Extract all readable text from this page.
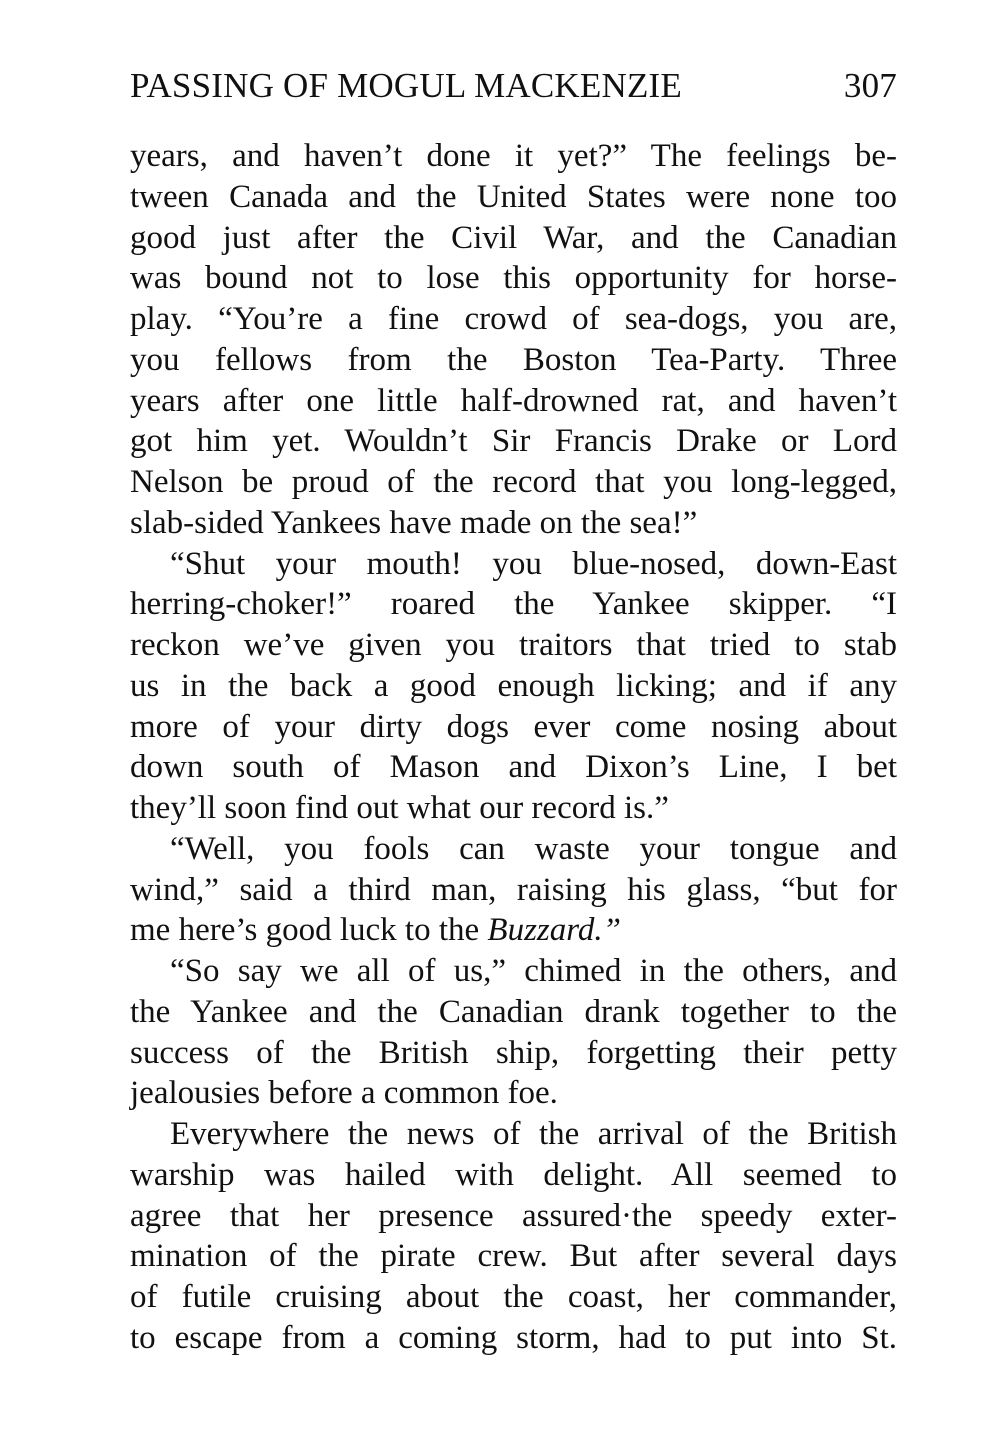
PASSING OF MOGUL MACKENZIE	307
years, and haven’t done it yet?” The feelings be-
tween Canada and the United States were none too
good just after the Civil War, and the Canadian
was bound not to lose this opportunity for horse-
play. “You’re a fine crowd of sea-dogs, you are,
you fellows from the Boston Tea-Party. Three
years after one little half-drowned rat, and haven’t
got him yet. Wouldn’t Sir Francis Drake or Lord
Nelson be proud of the record that you long-legged,
slab-sided Yankees have made on the sea!”
“Shut your mouth! you blue-nosed, down-East
herring-choker!” roared the Yankee skipper. “I
reckon we’ve given you traitors that tried to stab
us in the back a good enough licking; and if any
more of your dirty dogs ever come nosing about
down south of Mason and Dixon’s Line, I bet
they’ll soon find out what our record is.”
“Well, you fools can waste your tongue and
wind,” said a third man, raising his glass, “but for
me here’s good luck to the Buzzard.”
“So say we all of us,” chimed in the others, and
the Yankee and the Canadian drank together to the
success of the British ship, forgetting their petty
jealousies before a common foe.
Everywhere the news of the arrival of the British
warship was hailed with delight. All seemed to
agree that her presence assured·the speedy exter-
mination of the pirate crew. But after several days
of futile cruising about the coast, her commander,
to escape from a coming storm, had to put into St.
